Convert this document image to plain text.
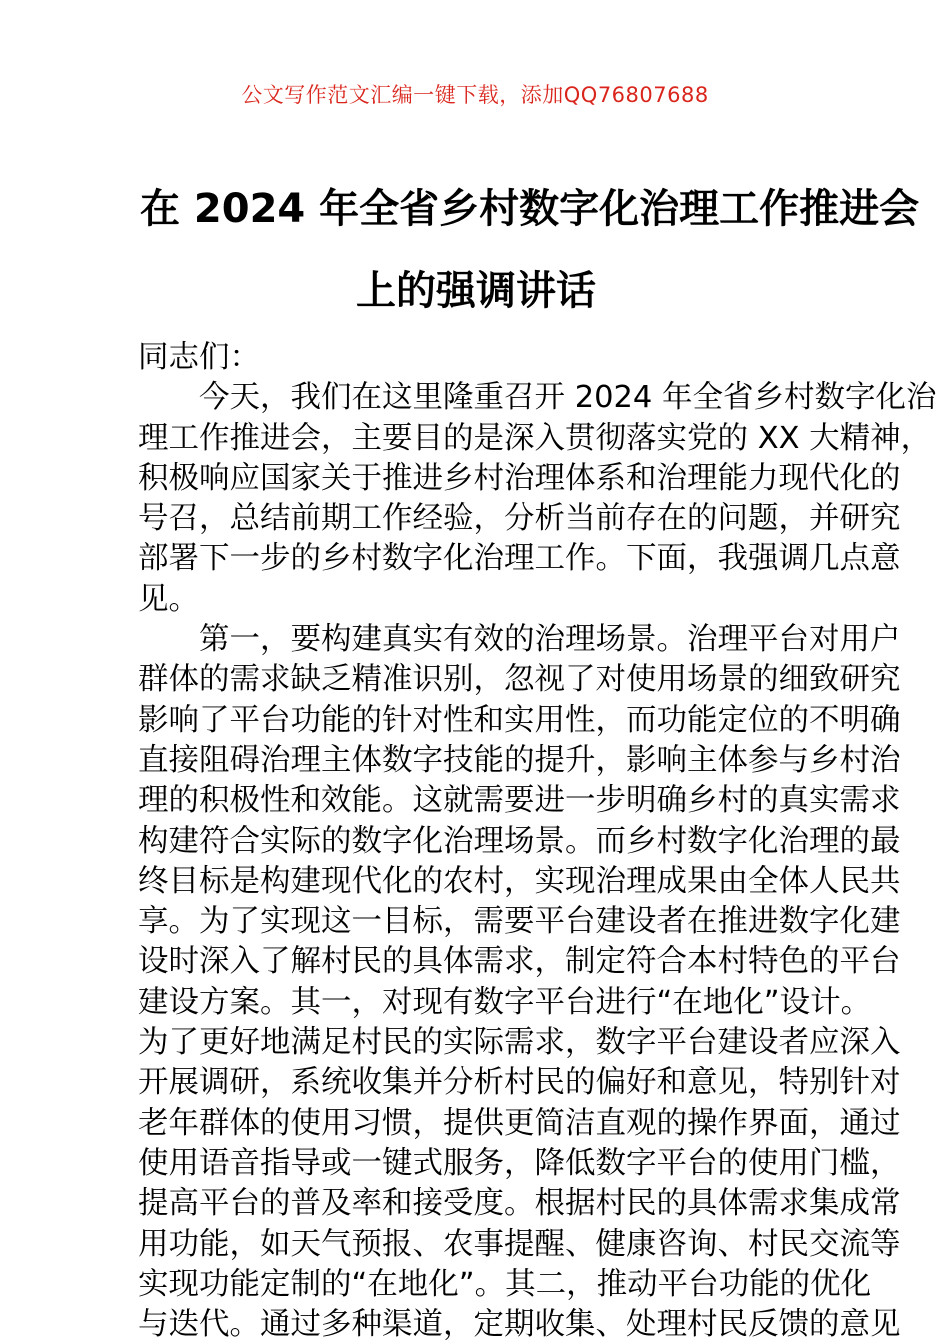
公文写作范文汇编一键下载，添加QQ76807688
在 2024 年全省乡村数字化治理工作推进会
上的强调讲话
同志们：
今天，我们在这里隆重召开 2024 年全省乡村数字化治
理工作推进会，主要目的是深入贯彻落实党的 XX 大精神，
积极响应国家关于推进乡村治理体系和治理能力现代化的
号召，总结前期工作经验，分析当前存在的问题，并研究
部署下一步的乡村数字化治理工作。下面，我强调几点意
见。
第一，要构建真实有效的治理场景。治理平台对用户
群体的需求缺乏精准识别，忽视了对使用场景的细致研究
影响了平台功能的针对性和实用性，而功能定位的不明确
直接阻碍治理主体数字技能的提升，影响主体参与乡村治
理的积极性和效能。这就需要进一步明确乡村的真实需求
构建符合实际的数字化治理场景。而乡村数字化治理的最
终目标是构建现代化的农村，实现治理成果由全体人民共
享。为了实现这一目标，需要平台建设者在推进数字化建
设时深入了解村民的具体需求，制定符合本村特色的平台
建设方案。其一，对现有数字平台进行“在地化”设计。
为了更好地满足村民的实际需求，数字平台建设者应深入
开展调研，系统收集并分析村民的偏好和意见，特别针对
老年群体的使用习惯，提供更简洁直观的操作界面，通过
使用语音指导或一键式服务，降低数字平台的使用门槛，
提高平台的普及率和接受度。根据村民的具体需求集成常
用功能，如天气预报、农事提醒、健康咨询、村民交流等
实现功能定制的“在地化”。其二，推动平台功能的优化
与迭代。通过多种渠道，定期收集、处理村民反馈的意见
